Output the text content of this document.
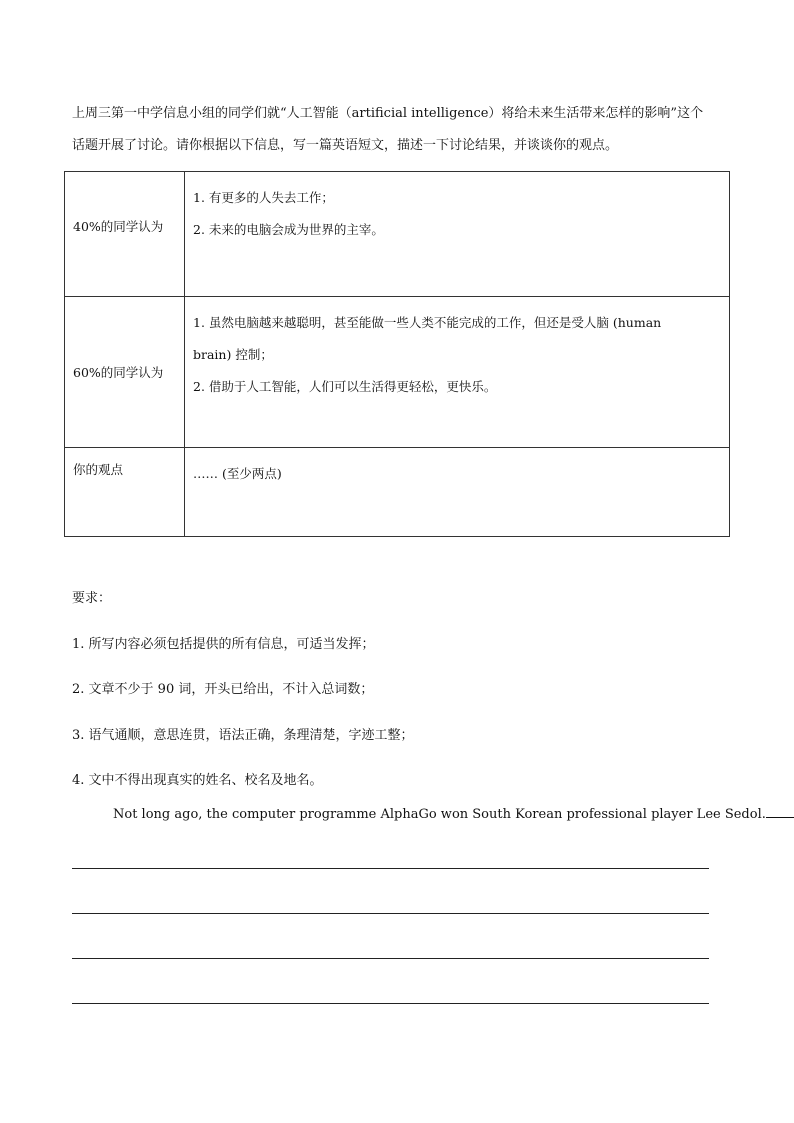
上周三第一中学信息小组的同学们就“人工智能（artificial intelligence）将给未来生活带来怎样的影响”这个

话题开展了讨论。请你根据以下信息，写一篇英语短文，描述一下讨论结果，并谈谈你的观点。

40%的同学认为	1. 有更多的人失去工作；

2. 未来的电脑会成为世界的主宰。

60%的同学认为	1. 虽然电脑越来越聪明，甚至能做一些人类不能完成的工作，但还是受人脑 (human

brain) 控制；

2. 借助于人工智能，人们可以生活得更轻松，更快乐。

你的观点	…… (至少两点)

要求：

1. 所写内容必须包括提供的所有信息，可适当发挥；

2. 文章不少于 90 词，开头已给出，不计入总词数；

3. 语气通顺，意思连贯，语法正确，条理清楚，字迹工整；

4. 文中不得出现真实的姓名、校名及地名。

Not long ago, the computer programme AlphaGo won South Korean professional player Lee Sedol.
